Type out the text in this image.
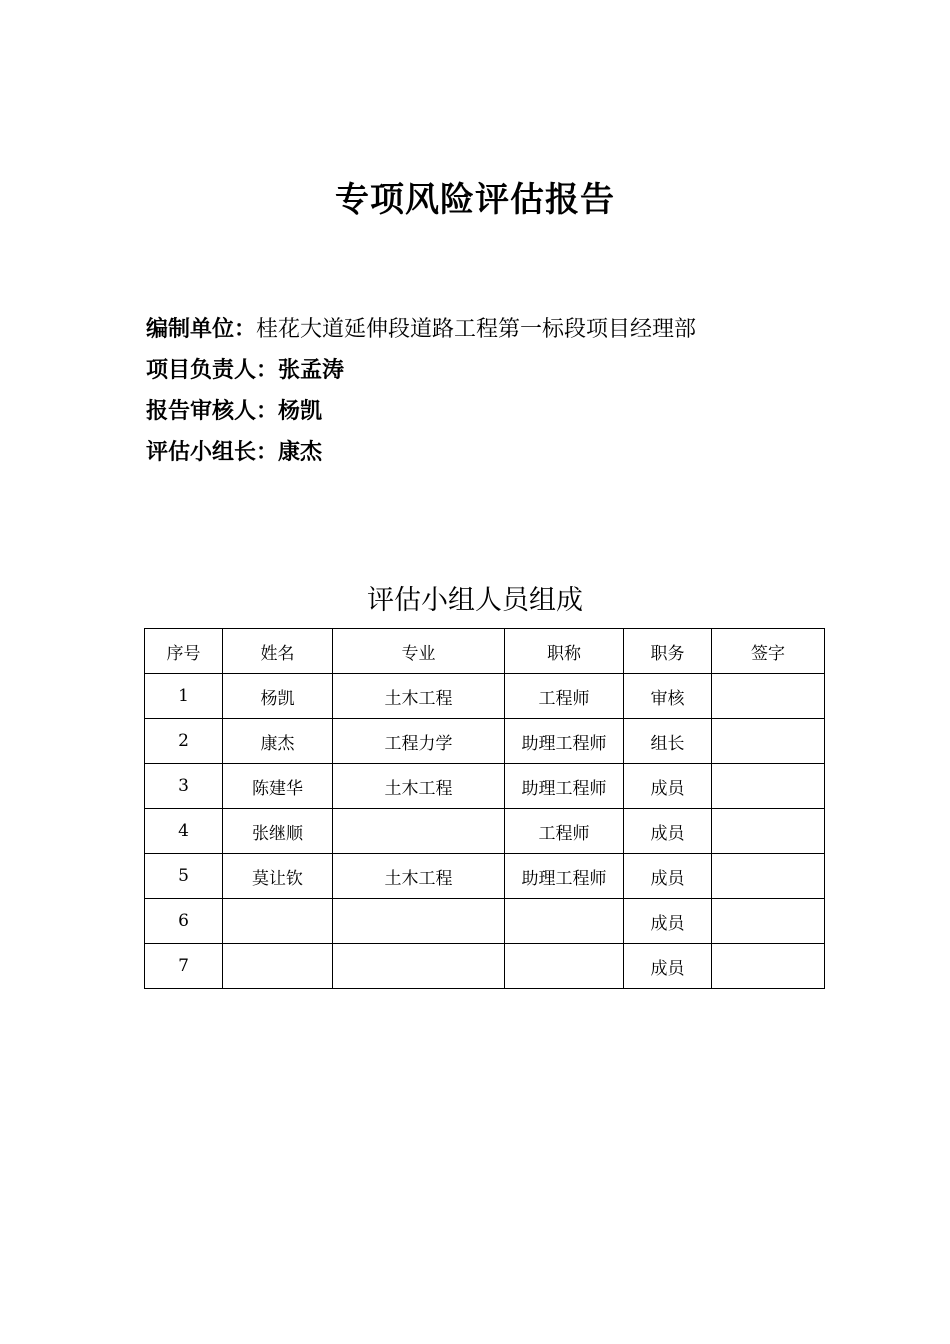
专项风险评估报告
编制单位：桂花大道延伸段道路工程第一标段项目经理部
项目负责人：张孟涛
报告审核人：杨凯
评估小组长：康杰
评估小组人员组成
序号	姓名	专业	职称	职务	签字
1	杨凯	土木工程	工程师	审核	
2	康杰	工程力学	助理工程师	组长	
3	陈建华	土木工程	助理工程师	成员	
4	张继顺		工程师	成员	
5	莫让钦	土木工程	助理工程师	成员	
6				成员	
7				成员	
